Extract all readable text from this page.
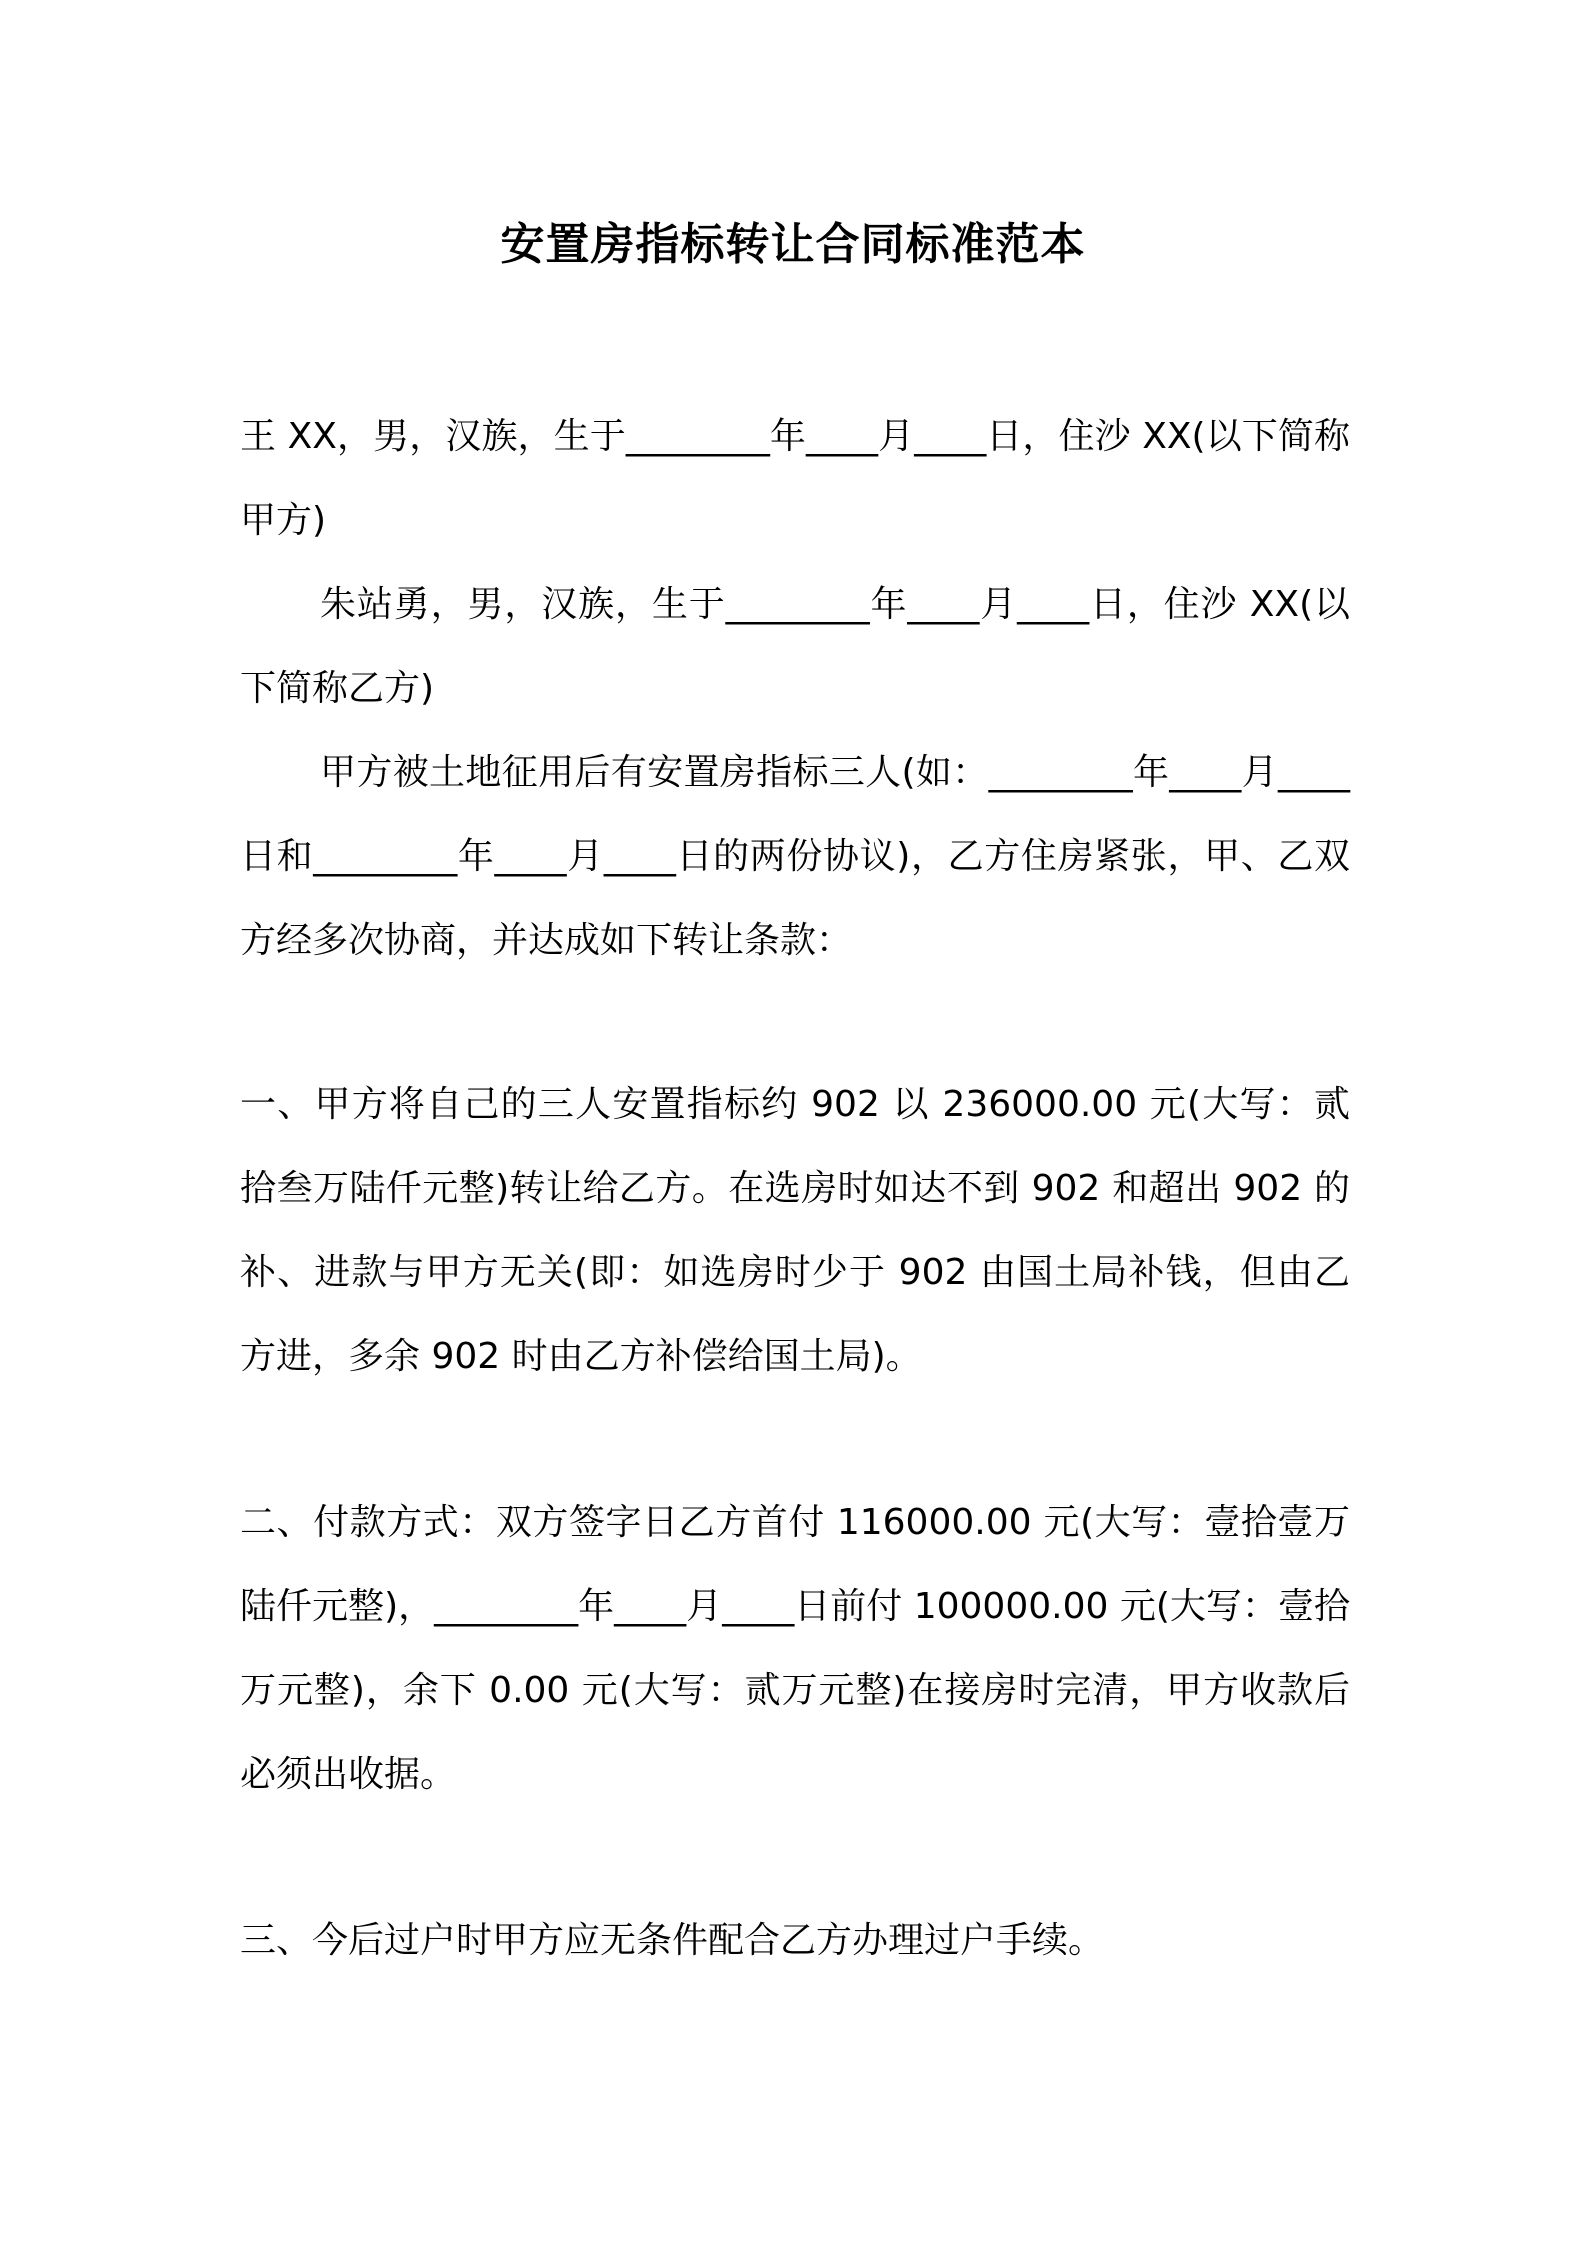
安置房指标转让合同标准范本
王 XX，男，汉族，生于________年____月____日，住沙 XX(以下简称甲方)
朱站勇，男，汉族，生于________年____月____日，住沙 XX(以下简称乙方)
甲方被土地征用后有安置房指标三人(如：________年____月____日和________年____月____日的两份协议)，乙方住房紧张，甲、乙双方经多次协商，并达成如下转让条款：
一、甲方将自己的三人安置指标约 902 以 236000.00 元(大写：贰拾叁万陆仟元整)转让给乙方。在选房时如达不到 902 和超出 902 的补、进款与甲方无关(即：如选房时少于 902 由国土局补钱，但由乙方进，多余 902 时由乙方补偿给国土局)。
二、付款方式：双方签字日乙方首付 116000.00 元(大写：壹拾壹万陆仟元整)，________年____月____日前付 100000.00 元(大写：壹拾万元整)，余下 0.00 元(大写：贰万元整)在接房时完清，甲方收款后必须出收据。
三、今后过户时甲方应无条件配合乙方办理过户手续。
